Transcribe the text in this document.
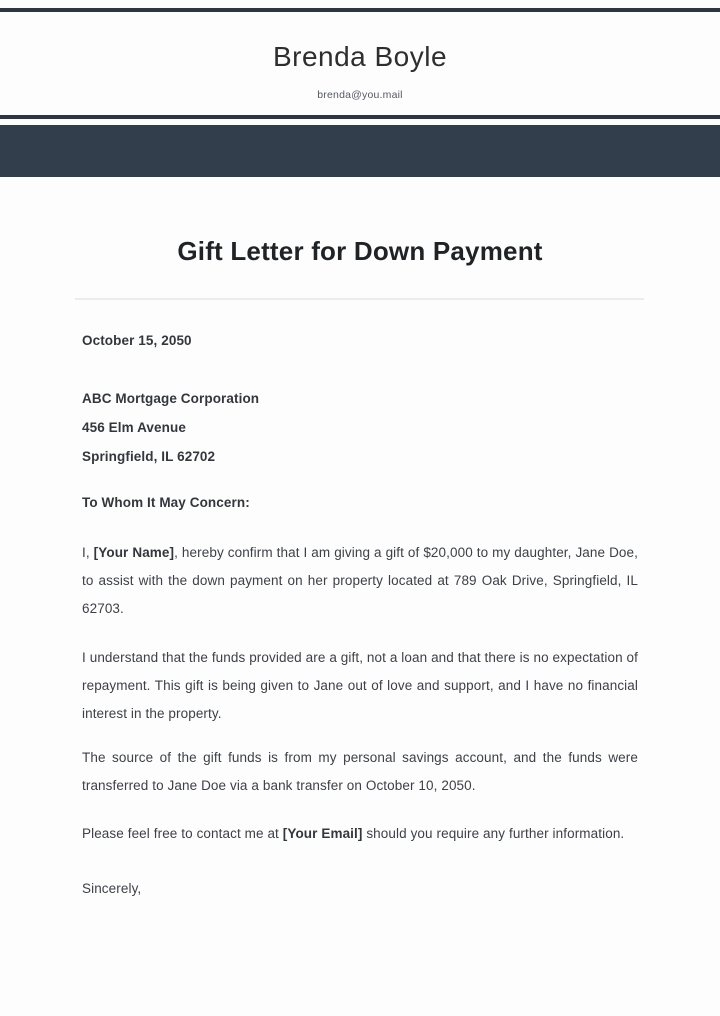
Brenda Boyle
brenda@you.mail
Gift Letter for Down Payment
October 15, 2050
ABC Mortgage Corporation
456 Elm Avenue
Springfield, IL 62702
To Whom It May Concern:

I, [Your Name], hereby confirm that I am giving a gift of $20,000 to my daughter, Jane Doe, to assist with the down payment on her property located at 789 Oak Drive, Springfield, IL 62703.

I understand that the funds provided are a gift, not a loan and that there is no expectation of repayment. This gift is being given to Jane out of love and support, and I have no financial interest in the property.

The source of the gift funds is from my personal savings account, and the funds were transferred to Jane Doe via a bank transfer on October 10, 2050.

Please feel free to contact me at [Your Email] should you require any further information.

Sincerely,
